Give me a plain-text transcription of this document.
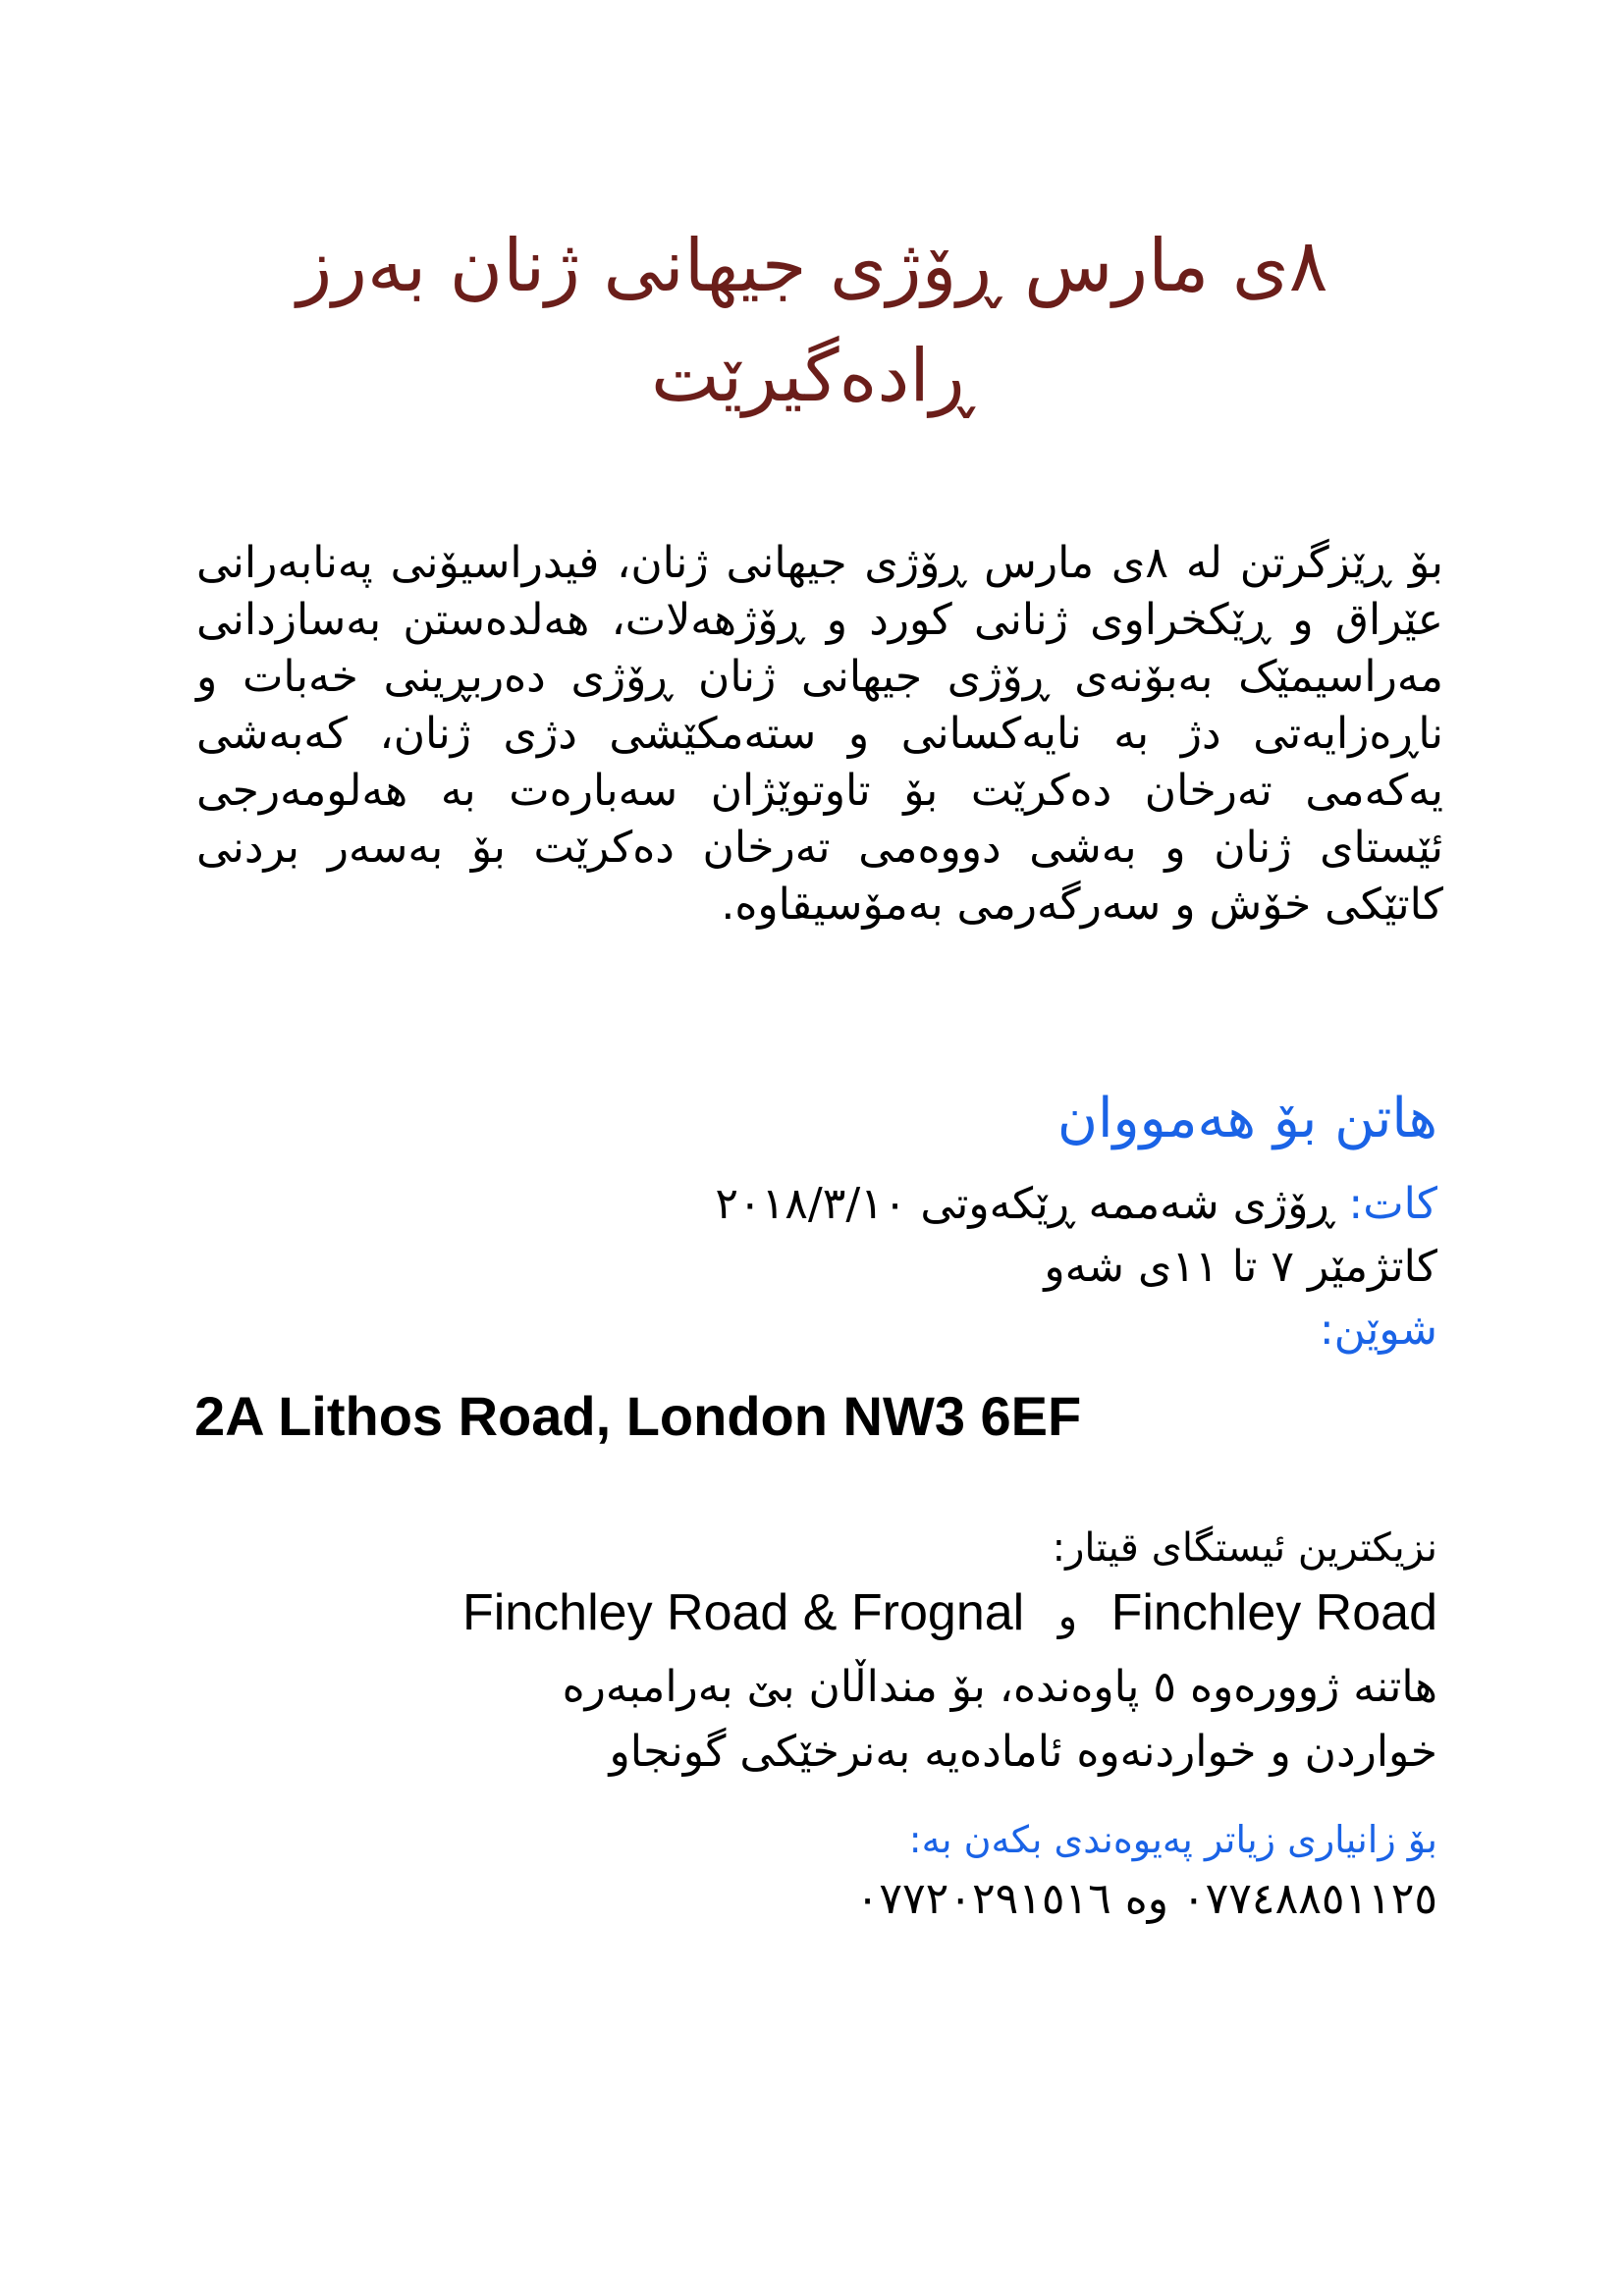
٨ی مارس ڕۆژی جیهانی ژنان بەرز
ڕادەگیرێت
بۆ ڕێزگرتن لە ٨ی مارس ڕۆژی جیهانی ژنان، فیدراسیۆنی پەنابەرانی عێراق و ڕێکخراوی ژنانی کورد و ڕۆژهەلات، هەلدەستن بەسازدانی مەراسیمێک بەبۆنەی ڕۆژی جیهانی ژنان ڕۆژی دەربڕینی خەبات و ناڕەزایەتی دژ بە نایەکسانی و ستەمکێشی دژی ژنان، کەبەشی یەکەمی تەرخان دەکرێت بۆ تاوتوێژان سەبارەت بە هەلومەرجی ئێستای ژنان و بەشی دووەمی تەرخان دەکرێت بۆ بەسەر بردنی کاتێکی خۆش و سەرگەرمی بەمۆسیقاوە.
هاتن بۆ هەمووان
کات: ڕۆژی شەممە ڕێکەوتی ٢٠١٨/٣/١٠
کاتژمێر ٧ تا ١١ی شەو
شوێن:
2A Lithos Road, London NW3 6EF
نزیکترین ئیستگای قیتار:
Finchley Road و Finchley Road & Frognal
هاتنە ژوورەوە ٥ پاوەندە، بۆ منداڵان بێ بەرامبەرە
خواردن و خواردنەوە ئامادەیە بەنرخێکی گونجاو
بۆ زانیاری زیاتر پەیوەندی بکەن بە:
٠٧٧٤٨٨٥١١٢٥ وە ٠٧٧٢٠٢٩١٥١٦
